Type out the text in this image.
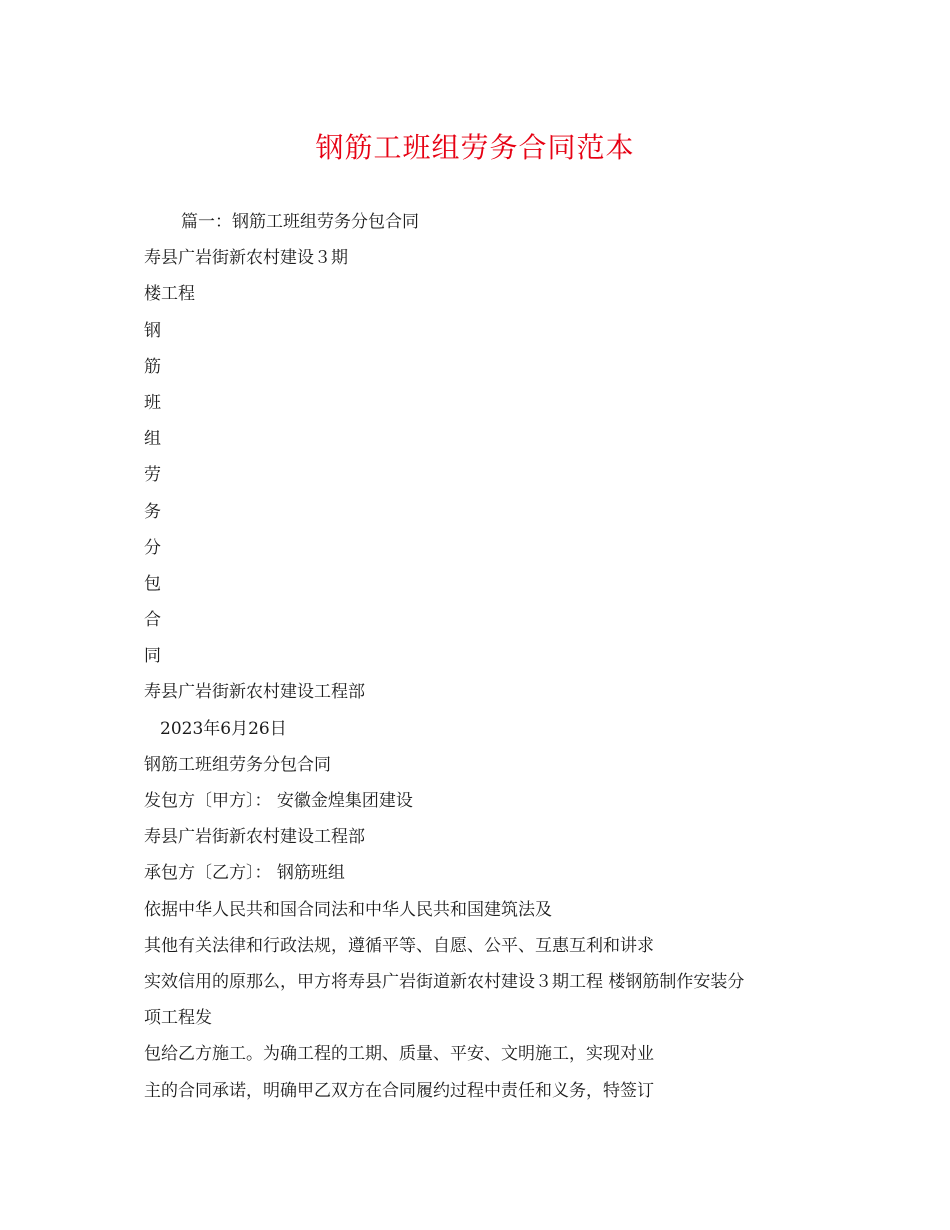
钢筋工班组劳务合同范本
篇一：钢筋工班组劳务分包合同
寿县广岩街新农村建设３期
楼工程
钢
筋
班
组
劳
务
分
包
合
同
寿县广岩街新农村建设工程部
2023年6月26日
钢筋工班组劳务分包合同
发包方〔甲方〕： 安徽金煌集团建设
寿县广岩街新农村建设工程部
承包方〔乙方〕： 钢筋班组
依据中华人民共和国合同法和中华人民共和国建筑法及
其他有关法律和行政法规，遵循平等、自愿、公平、互惠互利和讲求
实效信用的原那么，甲方将寿县广岩街道新农村建设３期工程 楼钢筋制作安装分
项工程发
包给乙方施工。为确工程的工期、质量、平安、文明施工，实现对业
主的合同承诺，明确甲乙双方在合同履约过程中责任和义务，特签订
